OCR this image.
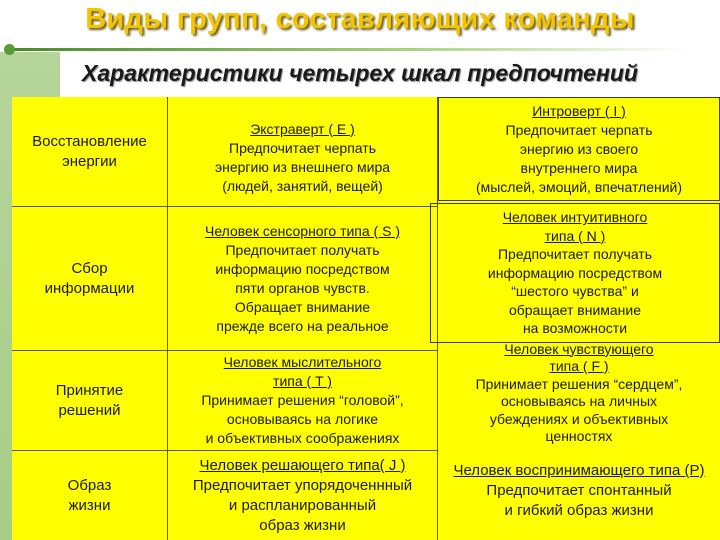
Виды групп, составляющих команды
Характеристики четырех шкал предпочтений
Восстановление
энергии
Экстраверт ( E )
Предпочитает черпать
энергию из внешнего мира
(людей, занятий, вещей)
Интроверт ( I )
Предпочитает черпать
энергию из своего
внутреннего мира
(мыслей, эмоций, впечатлений)
Сбор
информации
Человек сенсорного типа ( S )
Предпочитает получать
информацию посредством
пяти органов чувств.
Обращает внимание
прежде всего на реальное
Человек интуитивного
типа ( N )
Предпочитает получать
информацию посредством
“шестого чувства” и
обращает внимание
на возможности
Принятие
решений
Человек мыслительного
типа ( T )
Принимает решения “головой”,
основываясь на логике
и объективных соображениях
Человек чувствующего
типа ( F )
Принимает решения “сердцем”,
основываясь на личных
убеждениях и объективных
ценностях
Образ
жизни
Человек решающего типа( J )
Предпочитает упорядоченнный
и распланированный
образ жизни
Человек воспринимающего типа (P)
Предпочитает спонтанный
и гибкий образ жизни
